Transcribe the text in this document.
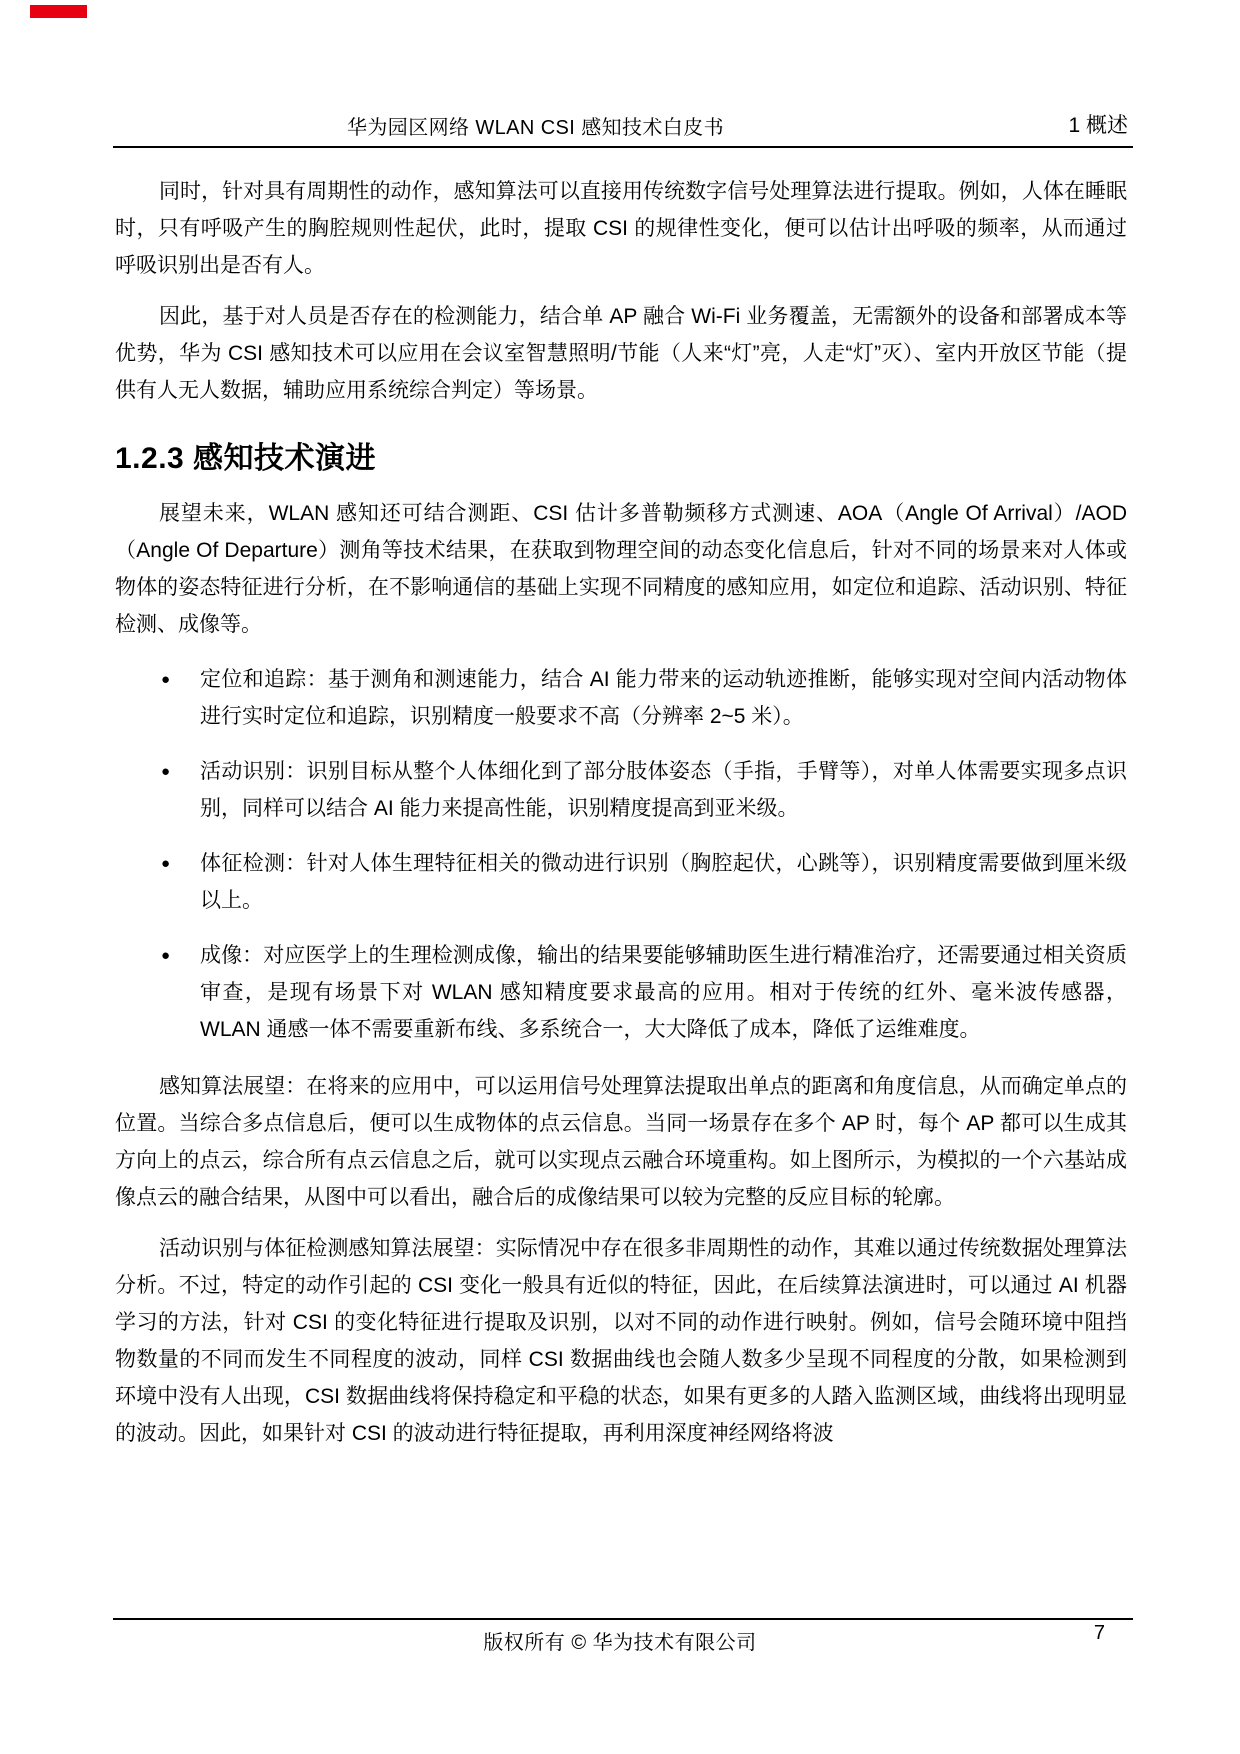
华为园区网络 WLAN CSI 感知技术白皮书	1 概述

同时，针对具有周期性的动作，感知算法可以直接用传统数字信号处理算法进行提取。例如，人体在睡眠时，只有呼吸产生的胸腔规则性起伏，此时，提取 CSI 的规律性变化，便可以估计出呼吸的频率，从而通过呼吸识别出是否有人。

因此，基于对人员是否存在的检测能力，结合单 AP 融合 Wi-Fi 业务覆盖，无需额外的设备和部署成本等优势，华为 CSI 感知技术可以应用在会议室智慧照明/节能（人来“灯”亮，人走“灯”灭）、室内开放区节能（提供有人无人数据，辅助应用系统综合判定）等场景。

1.2.3 感知技术演进

展望未来，WLAN 感知还可结合测距、CSI 估计多普勒频移方式测速、AOA（Angle Of Arrival）/AOD（Angle Of Departure）测角等技术结果，在获取到物理空间的动态变化信息后，针对不同的场景来对人体或物体的姿态特征进行分析，在不影响通信的基础上实现不同精度的感知应用，如定位和追踪、活动识别、特征检测、成像等。

● 定位和追踪：基于测角和测速能力，结合 AI 能力带来的运动轨迹推断，能够实现对空间内活动物体进行实时定位和追踪，识别精度一般要求不高（分辨率 2~5 米）。
● 活动识别：识别目标从整个人体细化到了部分肢体姿态（手指，手臂等），对单人体需要实现多点识别，同样可以结合 AI 能力来提高性能，识别精度提高到亚米级。
● 体征检测：针对人体生理特征相关的微动进行识别（胸腔起伏，心跳等），识别精度需要做到厘米级以上。
● 成像：对应医学上的生理检测成像，输出的结果要能够辅助医生进行精准治疗，还需要通过相关资质审查，是现有场景下对 WLAN 感知精度要求最高的应用。相对于传统的红外、毫米波传感器，WLAN 通感一体不需要重新布线、多系统合一，大大降低了成本，降低了运维难度。

感知算法展望：在将来的应用中，可以运用信号处理算法提取出单点的距离和角度信息，从而确定单点的位置。当综合多点信息后，便可以生成物体的点云信息。当同一场景存在多个 AP 时，每个 AP 都可以生成其方向上的点云，综合所有点云信息之后，就可以实现点云融合环境重构。如上图所示，为模拟的一个六基站成像点云的融合结果，从图中可以看出，融合后的成像结果可以较为完整的反应目标的轮廓。

活动识别与体征检测感知算法展望：实际情况中存在很多非周期性的动作，其难以通过传统数据处理算法分析。不过，特定的动作引起的 CSI 变化一般具有近似的特征，因此，在后续算法演进时，可以通过 AI 机器学习的方法，针对 CSI 的变化特征进行提取及识别，以对不同的动作进行映射。例如，信号会随环境中阻挡物数量的不同而发生不同程度的波动，同样 CSI 数据曲线也会随人数多少呈现不同程度的分散，如果检测到环境中没有人出现，CSI 数据曲线将保持稳定和平稳的状态，如果有更多的人踏入监测区域，曲线将出现明显的波动。因此，如果针对 CSI 的波动进行特征提取，再利用深度神经网络将波

版权所有 © 华为技术有限公司	7
